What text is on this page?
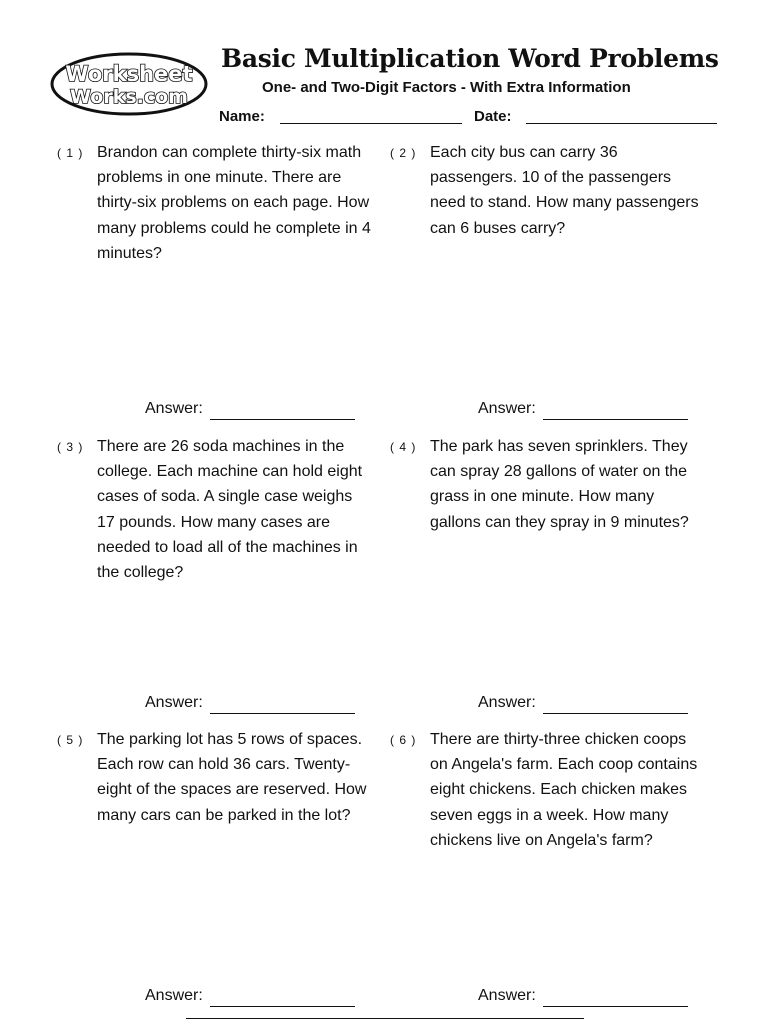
Worksheet
Works.com
Basic Multiplication Word Problems
One- and Two-Digit Factors - With Extra Information
Name:	Date:
( 1 ) Brandon can complete thirty-six math problems in one minute. There are thirty-six problems on each page. How many problems could he complete in 4 minutes?
Answer:
( 2 ) Each city bus can carry 36 passengers. 10 of the passengers need to stand. How many passengers can 6 buses carry?
Answer:
( 3 ) There are 26 soda machines in the college. Each machine can hold eight cases of soda. A single case weighs 17 pounds. How many cases are needed to load all of the machines in the college?
Answer:
( 4 ) The park has seven sprinklers. They can spray 28 gallons of water on the grass in one minute. How many gallons can they spray in 9 minutes?
Answer:
( 5 ) The parking lot has 5 rows of spaces. Each row can hold 36 cars. Twenty-eight of the spaces are reserved. How many cars can be parked in the lot?
Answer:
( 6 ) There are thirty-three chicken coops on Angela's farm. Each coop contains eight chickens. Each chicken makes seven eggs in a week. How many chickens live on Angela's farm?
Answer:
